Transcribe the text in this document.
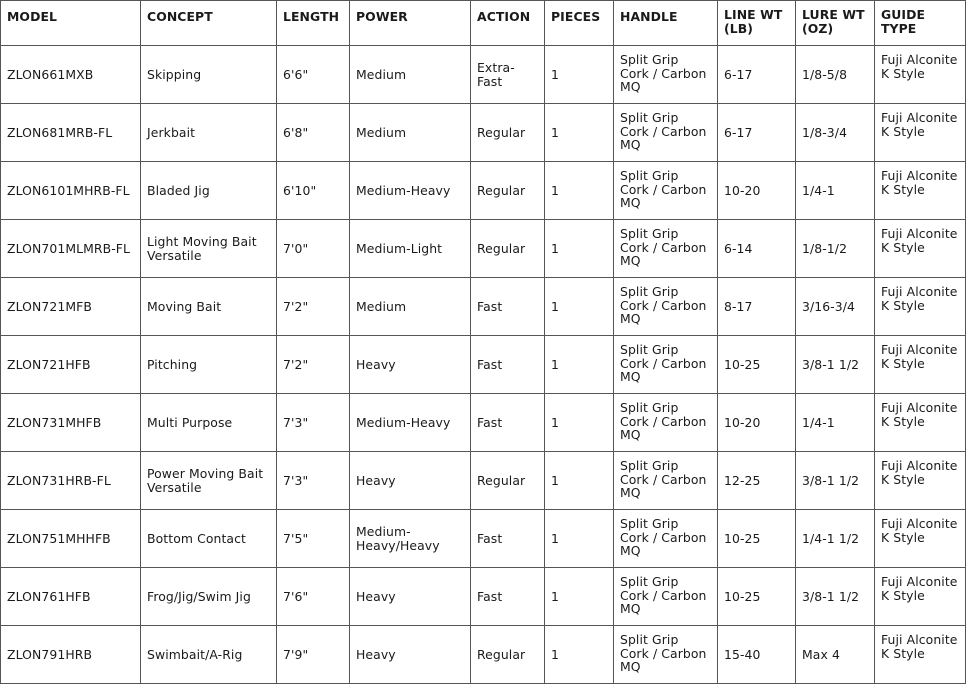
MODEL	CONCEPT	LENGTH	POWER	ACTION	PIECES	HANDLE	LINE WT (LB)	LURE WT (OZ)	GUIDE TYPE
ZLON661MXB	Skipping	6'6"	Medium	Extra-Fast	1	Split Grip Cork / Carbon MQ	6-17	1/8-5/8	Fuji Alconite K Style
ZLON681MRB-FL	Jerkbait	6'8"	Medium	Regular	1	Split Grip Cork / Carbon MQ	6-17	1/8-3/4	Fuji Alconite K Style
ZLON6101MHRB-FL	Bladed Jig	6'10"	Medium-Heavy	Regular	1	Split Grip Cork / Carbon MQ	10-20	1/4-1	Fuji Alconite K Style
ZLON701MLMRB-FL	Light Moving Bait Versatile	7'0"	Medium-Light	Regular	1	Split Grip Cork / Carbon MQ	6-14	1/8-1/2	Fuji Alconite K Style
ZLON721MFB	Moving Bait	7'2"	Medium	Fast	1	Split Grip Cork / Carbon MQ	8-17	3/16-3/4	Fuji Alconite K Style
ZLON721HFB	Pitching	7'2"	Heavy	Fast	1	Split Grip Cork / Carbon MQ	10-25	3/8-1 1/2	Fuji Alconite K Style
ZLON731MHFB	Multi Purpose	7'3"	Medium-Heavy	Fast	1	Split Grip Cork / Carbon MQ	10-20	1/4-1	Fuji Alconite K Style
ZLON731HRB-FL	Power Moving Bait Versatile	7'3"	Heavy	Regular	1	Split Grip Cork / Carbon MQ	12-25	3/8-1 1/2	Fuji Alconite K Style
ZLON751MHHFB	Bottom Contact	7'5"	Medium-Heavy/Heavy	Fast	1	Split Grip Cork / Carbon MQ	10-25	1/4-1 1/2	Fuji Alconite K Style
ZLON761HFB	Frog/Jig/Swim Jig	7'6"	Heavy	Fast	1	Split Grip Cork / Carbon MQ	10-25	3/8-1 1/2	Fuji Alconite K Style
ZLON791HRB	Swimbait/A-Rig	7'9"	Heavy	Regular	1	Split Grip Cork / Carbon MQ	15-40	Max 4	Fuji Alconite K Style
